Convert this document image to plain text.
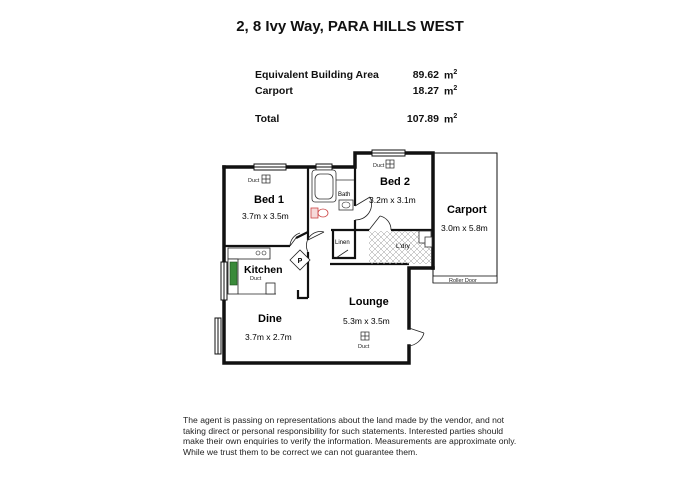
2, 8 Ivy Way, PARA HILLS WEST
Equivalent Building Area	89.62 $m^2$
Carport	18.27 $m^2$
Total	107.89 $m^2$
P
Duct
Duct
Duct
Duct	Roller Door
Bed 1
3.7m x 3.5m
Bed 2
3.2m x 3.1m
Carport
3.0m x 5.8m
Lounge
5.3m x 3.5m
Dine
3.7m x 2.7m
Kitchen
Bath
Linen	L'dry
The agent is passing on representations about the land made by the vendor, and not taking direct or personal responsibility for such statements. Interested parties should make their own enquiries to verify the information. Measurements are approximate only. While we trust them to be correct we can not guarantee them.
